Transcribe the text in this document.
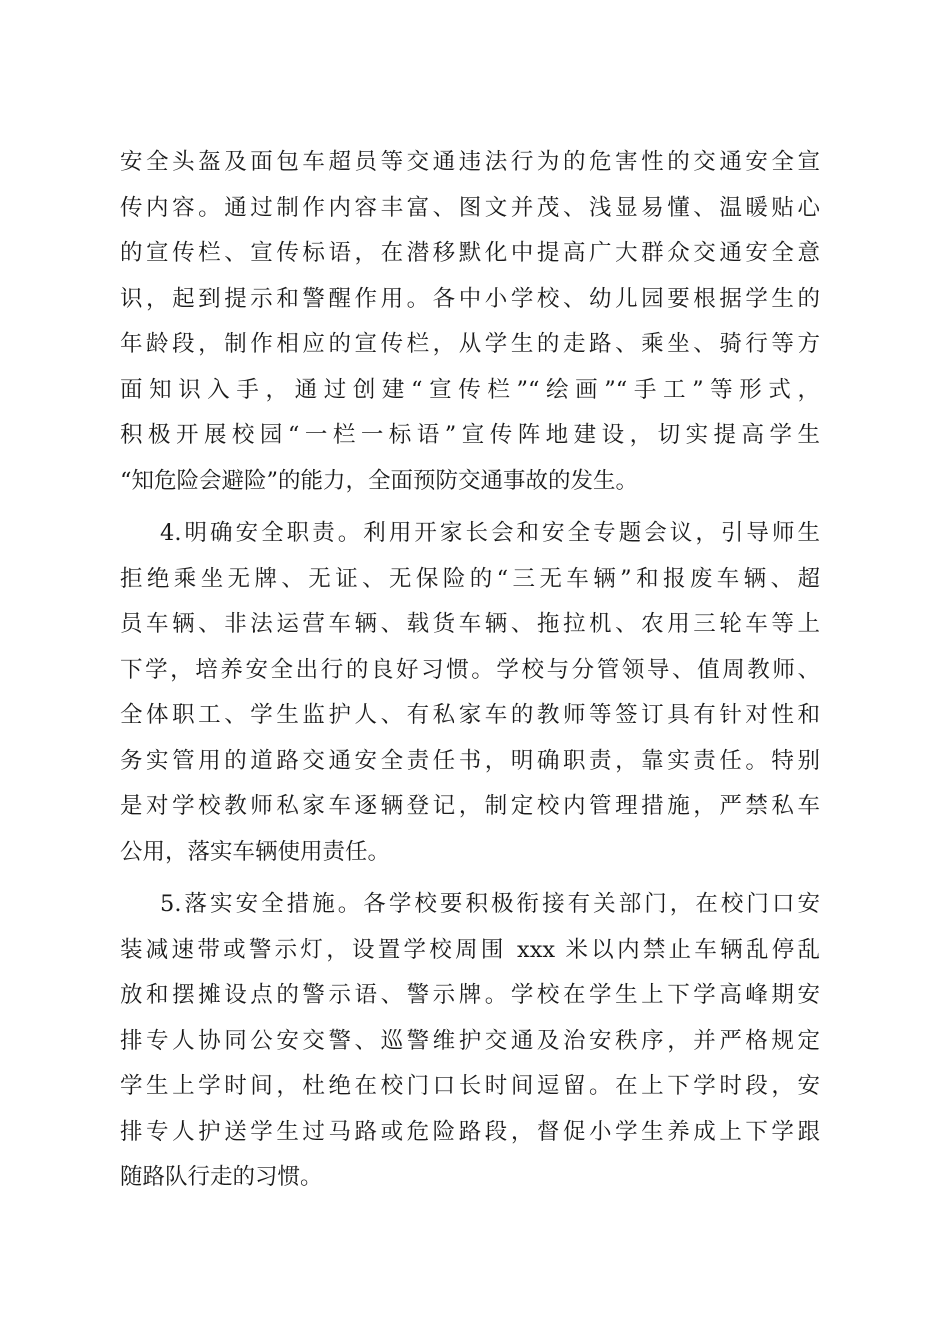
安全头盔及面包车超员等交通违法行为的危害性的交通安全宣
传内容。通过制作内容丰富、图文并茂、浅显易懂、温暖贴心
的宣传栏、宣传标语，在潜移默化中提高广大群众交通安全意
识，起到提示和警醒作用。各中小学校、幼儿园要根据学生的
年龄段，制作相应的宣传栏，从学生的走路、乘坐、骑行等方
面知识入手，通过创建“宣传栏”“绘画”“手工”等形式，
积极开展校园“一栏一标语”宣传阵地建设，切实提高学生
“知危险会避险”的能力，全面预防交通事故的发生。
4.明确安全职责。利用开家长会和安全专题会议，引导师生
拒绝乘坐无牌、无证、无保险的“三无车辆”和报废车辆、超
员车辆、非法运营车辆、载货车辆、拖拉机、农用三轮车等上
下学，培养安全出行的良好习惯。学校与分管领导、值周教师、
全体职工、学生监护人、有私家车的教师等签订具有针对性和
务实管用的道路交通安全责任书，明确职责，靠实责任。特别
是对学校教师私家车逐辆登记，制定校内管理措施，严禁私车
公用，落实车辆使用责任。
5.落实安全措施。各学校要积极衔接有关部门，在校门口安
装减速带或警示灯，设置学校周围 xxx 米以内禁止车辆乱停乱
放和摆摊设点的警示语、警示牌。学校在学生上下学高峰期安
排专人协同公安交警、巡警维护交通及治安秩序，并严格规定
学生上学时间，杜绝在校门口长时间逗留。在上下学时段，安
排专人护送学生过马路或危险路段，督促小学生养成上下学跟
随路队行走的习惯。
